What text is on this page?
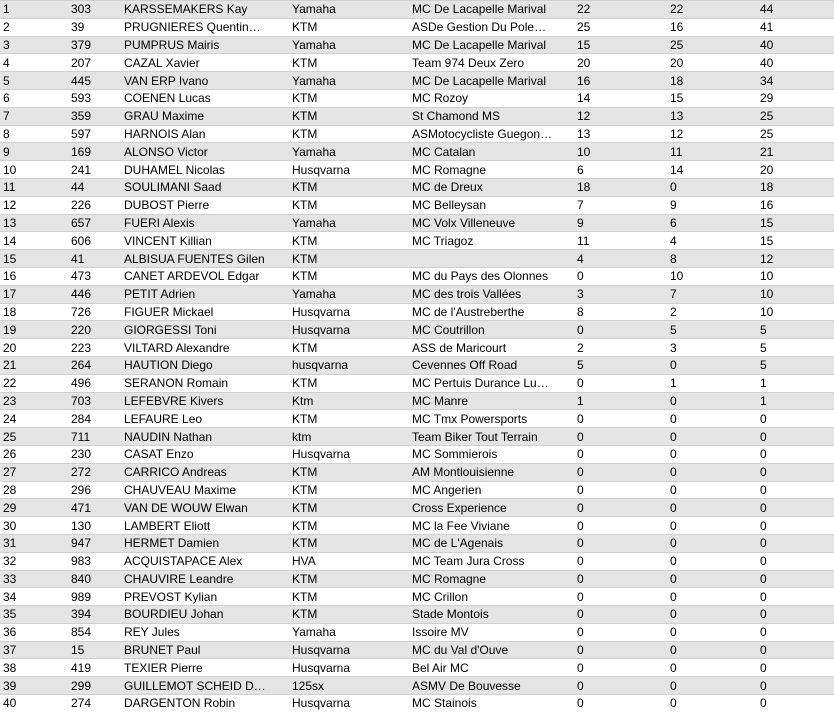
1	303	KARSSEMAKERS Kay	Yamaha	MC De Lacapelle Marival	22	22	44
2	39	PRUGNIERES Quentin…	KTM	ASDe Gestion Du Pole…	25	16	41
3	379	PUMPRUS Mairis	Yamaha	MC De Lacapelle Marival	15	25	40
4	207	CAZAL Xavier	KTM	Team 974 Deux Zero	20	20	40
5	445	VAN ERP Ivano	Yamaha	MC De Lacapelle Marival	16	18	34
6	593	COENEN Lucas	KTM	MC Rozoy	14	15	29
7	359	GRAU Maxime	KTM	St Chamond MS	12	13	25
8	597	HARNOIS Alan	KTM	ASMotocycliste Guegon…	13	12	25
9	169	ALONSO Victor	Yamaha	MC Catalan	10	11	21
10	241	DUHAMEL Nicolas	Husqvarna	MC Romagne	6	14	20
11	44	SOULIMANI Saad	KTM	MC de Dreux	18	0	18
12	226	DUBOST Pierre	KTM	MC Belleysan	7	9	16
13	657	FUERI Alexis	Yamaha	MC Volx Villeneuve	9	6	15
14	606	VINCENT Killian	KTM	MC Triagoz	11	4	15
15	41	ALBISUA FUENTES Gilen	KTM		4	8	12
16	473	CANET ARDEVOL Edgar	KTM	MC du Pays des Olonnes	0	10	10
17	446	PETIT Adrien	Yamaha	MC des trois Vallées	3	7	10
18	726	FIGUER Mickael	Husqvarna	MC de l'Austreberthe	8	2	10
19	220	GIORGESSI Toni	Husqvarna	MC Coutrillon	0	5	5
20	223	VILTARD Alexandre	KTM	ASS de Maricourt	2	3	5
21	264	HAUTION Diego	husqvarna	Cevennes Off Road	5	0	5
22	496	SERANON Romain	KTM	MC Pertuis Durance Lu…	0	1	1
23	703	LEFEBVRE Kivers	Ktm	MC Manre	1	0	1
24	284	LEFAURE Leo	KTM	MC Tmx Powersports	0	0	0
25	711	NAUDIN Nathan	ktm	Team Biker Tout Terrain	0	0	0
26	230	CASAT Enzo	Husqvarna	MC Sommierois	0	0	0
27	272	CARRICO Andreas	KTM	AM Montlouisienne	0	0	0
28	296	CHAUVEAU Maxime	KTM	MC Angerien	0	0	0
29	471	VAN DE WOUW Elwan	KTM	Cross Experience	0	0	0
30	130	LAMBERT Eliott	KTM	MC la Fee Viviane	0	0	0
31	947	HERMET Damien	KTM	MC de L'Agenais	0	0	0
32	983	ACQUISTAPACE Alex	HVA	MC Team Jura Cross	0	0	0
33	840	CHAUVIRE Leandre	KTM	MC Romagne	0	0	0
34	989	PREVOST Kylian	KTM	MC Crillon	0	0	0
35	394	BOURDIEU Johan	KTM	Stade Montois	0	0	0
36	854	REY Jules	Yamaha	Issoire MV	0	0	0
37	15	BRUNET Paul	Husqvarna	MC du Val d'Ouve	0	0	0
38	419	TEXIER Pierre	Husqvarna	Bel Air MC	0	0	0
39	299	GUILLEMOT SCHEID D…	125sx	ASMV De Bouvesse	0	0	0
40	274	DARGENTON Robin	Husqvarna	MC Stainois	0	0	0
